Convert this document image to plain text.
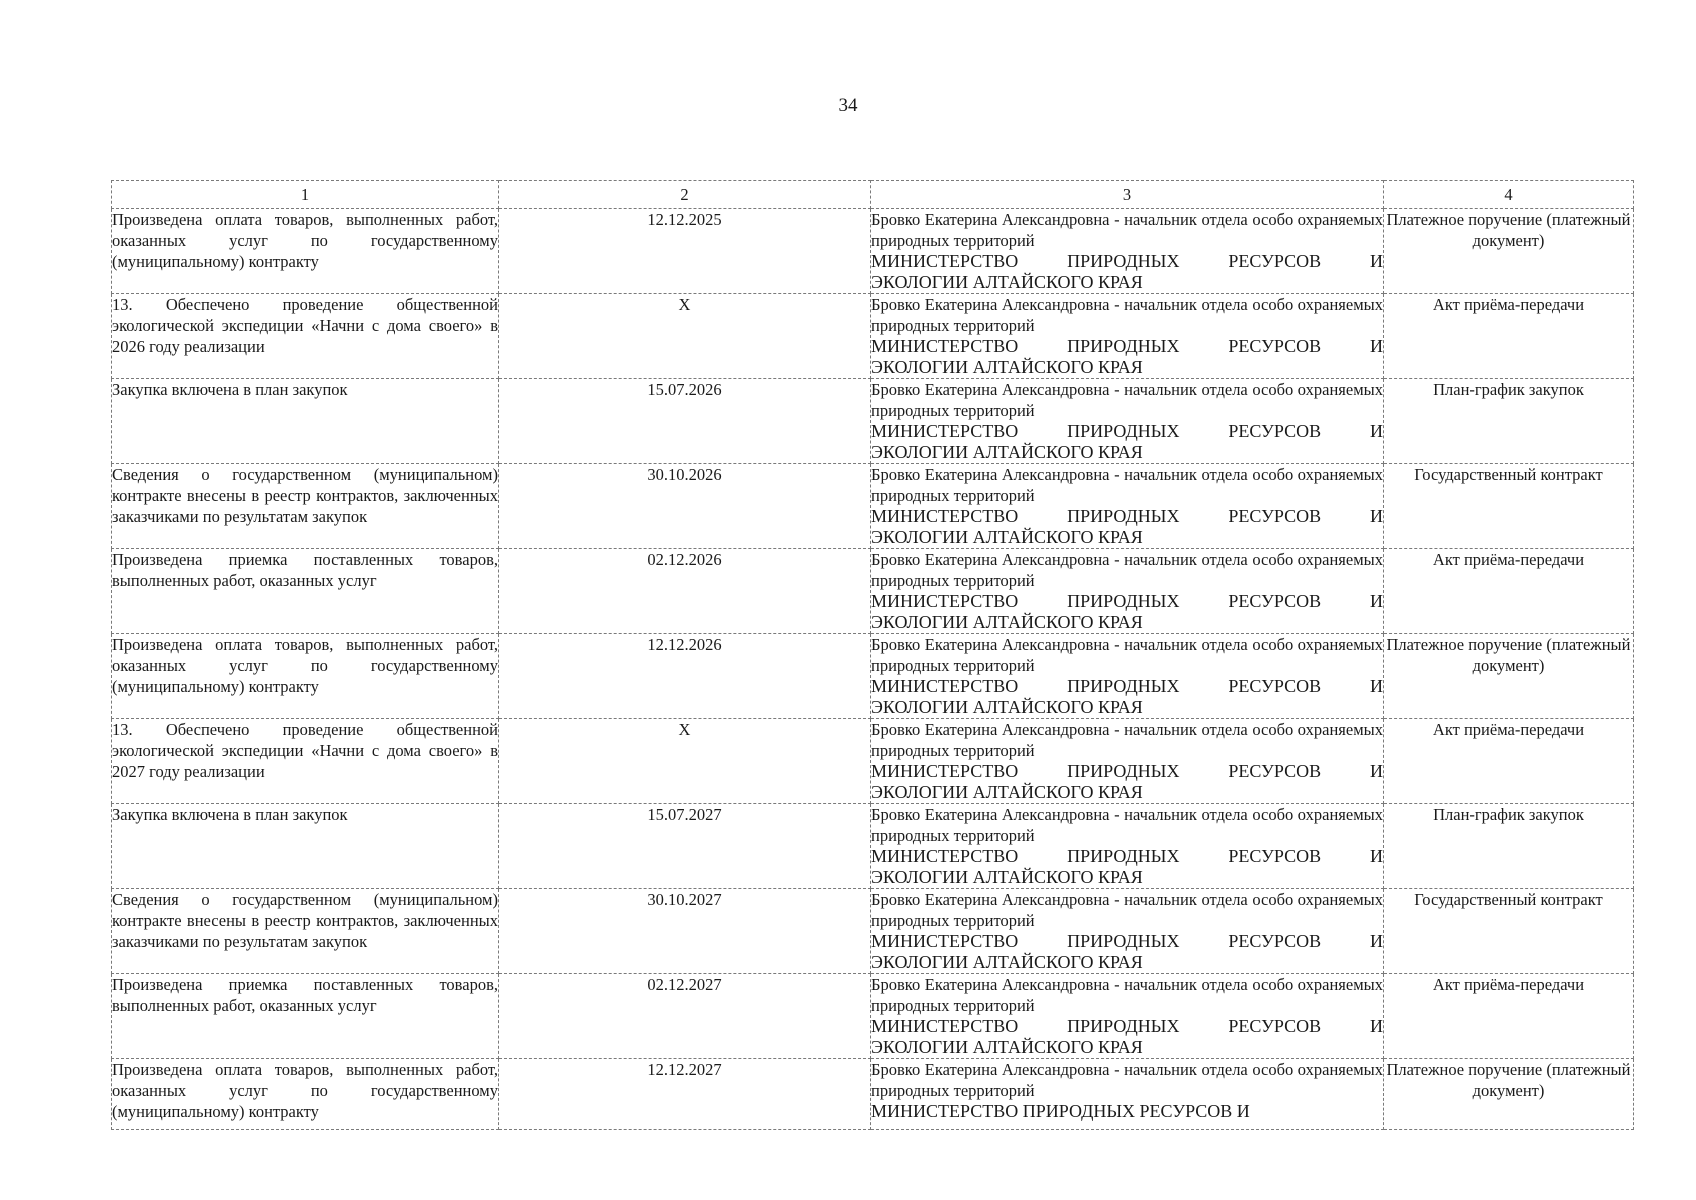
34
1	2	3	4
Произведена оплата товаров, выполненных работ, оказанных услуг по государственному (муниципальному) контракту	12.12.2025	Бровко Екатерина Александровна - начальник отдела особо охраняемых природных территорий
МИНИСТЕРСТВО ПРИРОДНЫХ РЕСУРСОВ И
ЭКОЛОГИИ АЛТАЙСКОГО КРАЯ	Платежное поручение (платежный документ)
13. Обеспечено проведение общественной экологической экспедиции «Начни с дома своего» в 2026 году реализации	X	Бровко Екатерина Александровна - начальник отдела особо охраняемых природных территорий
МИНИСТЕРСТВО ПРИРОДНЫХ РЕСУРСОВ И
ЭКОЛОГИИ АЛТАЙСКОГО КРАЯ	Акт приёма-передачи
Закупка включена в план закупок	15.07.2026	Бровко Екатерина Александровна - начальник отдела особо охраняемых природных территорий
МИНИСТЕРСТВО ПРИРОДНЫХ РЕСУРСОВ И
ЭКОЛОГИИ АЛТАЙСКОГО КРАЯ	План-график закупок
Сведения о государственном (муниципальном) контракте внесены в реестр контрактов, заключенных заказчиками по результатам закупок	30.10.2026	Бровко Екатерина Александровна - начальник отдела особо охраняемых природных территорий
МИНИСТЕРСТВО ПРИРОДНЫХ РЕСУРСОВ И
ЭКОЛОГИИ АЛТАЙСКОГО КРАЯ	Государственный контракт
Произведена приемка поставленных товаров, выполненных работ, оказанных услуг	02.12.2026	Бровко Екатерина Александровна - начальник отдела особо охраняемых природных территорий
МИНИСТЕРСТВО ПРИРОДНЫХ РЕСУРСОВ И
ЭКОЛОГИИ АЛТАЙСКОГО КРАЯ	Акт приёма-передачи
Произведена оплата товаров, выполненных работ, оказанных услуг по государственному (муниципальному) контракту	12.12.2026	Бровко Екатерина Александровна - начальник отдела особо охраняемых природных территорий
МИНИСТЕРСТВО ПРИРОДНЫХ РЕСУРСОВ И
ЭКОЛОГИИ АЛТАЙСКОГО КРАЯ	Платежное поручение (платежный документ)
13. Обеспечено проведение общественной экологической экспедиции «Начни с дома своего» в 2027 году реализации	X	Бровко Екатерина Александровна - начальник отдела особо охраняемых природных территорий
МИНИСТЕРСТВО ПРИРОДНЫХ РЕСУРСОВ И
ЭКОЛОГИИ АЛТАЙСКОГО КРАЯ	Акт приёма-передачи
Закупка включена в план закупок	15.07.2027	Бровко Екатерина Александровна - начальник отдела особо охраняемых природных территорий
МИНИСТЕРСТВО ПРИРОДНЫХ РЕСУРСОВ И
ЭКОЛОГИИ АЛТАЙСКОГО КРАЯ	План-график закупок
Сведения о государственном (муниципальном) контракте внесены в реестр контрактов, заключенных заказчиками по результатам закупок	30.10.2027	Бровко Екатерина Александровна - начальник отдела особо охраняемых природных территорий
МИНИСТЕРСТВО ПРИРОДНЫХ РЕСУРСОВ И
ЭКОЛОГИИ АЛТАЙСКОГО КРАЯ	Государственный контракт
Произведена приемка поставленных товаров, выполненных работ, оказанных услуг	02.12.2027	Бровко Екатерина Александровна - начальник отдела особо охраняемых природных территорий
МИНИСТЕРСТВО ПРИРОДНЫХ РЕСУРСОВ И
ЭКОЛОГИИ АЛТАЙСКОГО КРАЯ	Акт приёма-передачи
Произведена оплата товаров, выполненных работ, оказанных услуг по государственному (муниципальному) контракту	12.12.2027	Бровко Екатерина Александровна - начальник отдела особо охраняемых природных территорий
МИНИСТЕРСТВО ПРИРОДНЫХ РЕСУРСОВ И	Платежное поручение (платежный документ)
